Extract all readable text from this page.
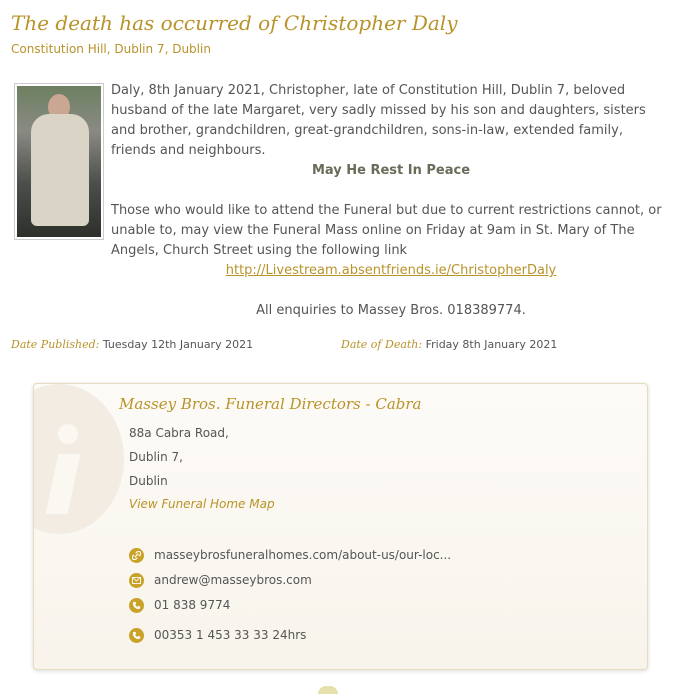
The death has occurred of Christopher Daly
Constitution Hill, Dublin 7, Dublin

Daly, 8th January 2021, Christopher, late of Constitution Hill, Dublin 7, beloved husband of the late Margaret, very sadly missed by his son and daughters, sisters and brother, grandchildren, great-grandchildren, sons-in-law, extended family, friends and neighbours.

May He Rest In Peace

Those who would like to attend the Funeral but due to current restrictions cannot, or unable to, may view the Funeral Mass online on Friday at 9am in St. Mary of The Angels, Church Street using the following link

http://Livestream.absentfriends.ie/ChristopherDaly

All enquiries to Massey Bros. 018389774.

Date Published: Tuesday 12th January 2021	Date of Death: Friday 8th January 2021
Massey Bros. Funeral Directors - Cabra
88a Cabra Road,
Dublin 7,
Dublin
View Funeral Home Map
masseybrosfuneralhomes.com/about-us/our-loc...
andrew@masseybros.com
01 838 9774
00353 1 453 33 33 24hrs
